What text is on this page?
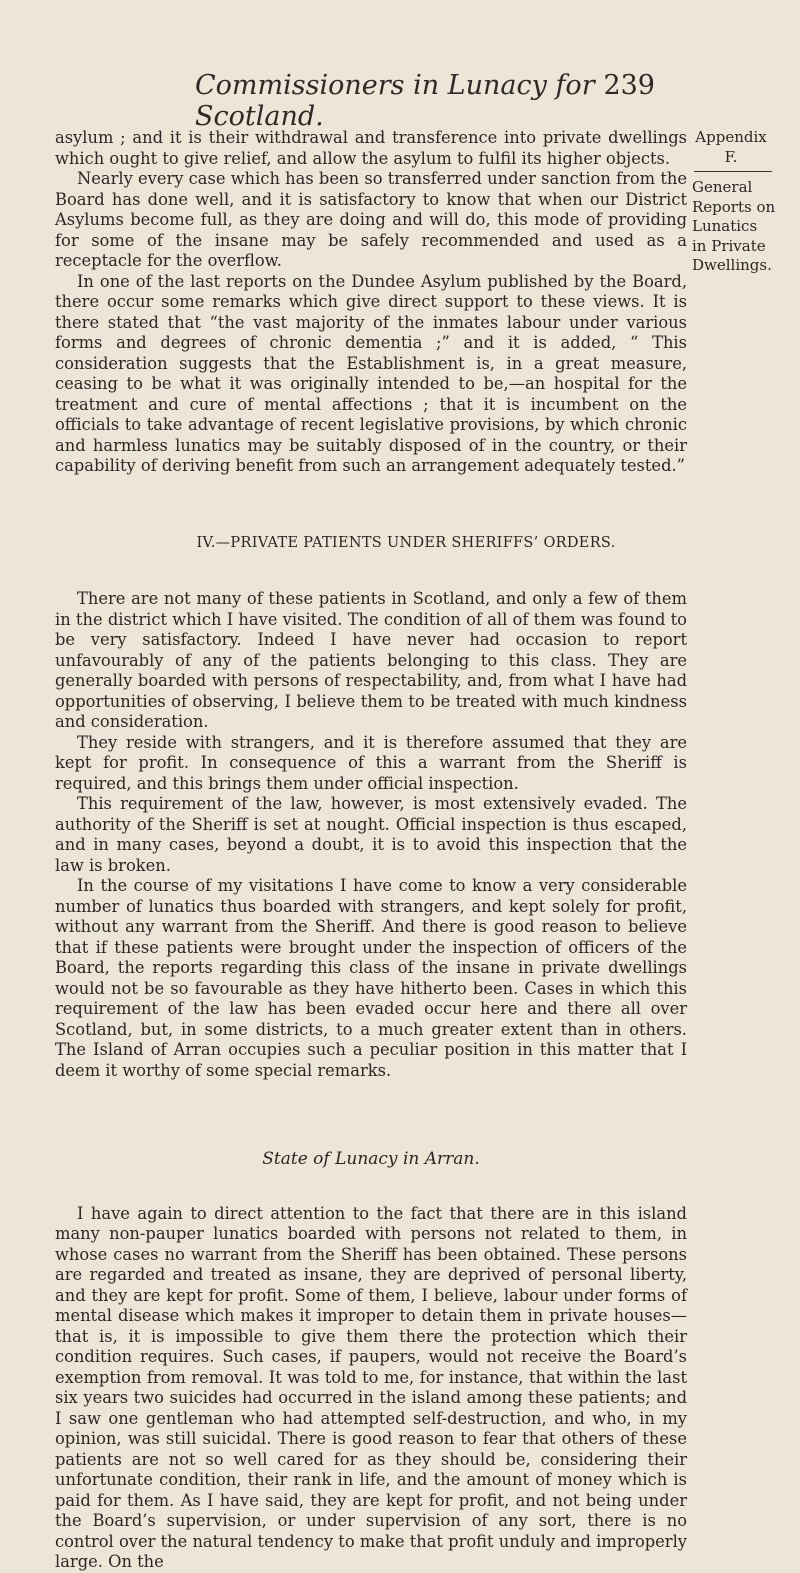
Commissioners in Lunacy for Scotland.
239
Appendix
F.
General
Reports on
Lunatics
in Private
Dwellings.

asylum ; and it is their withdrawal and transference into private dwellings which ought to give relief, and allow the asylum to fulfil its higher objects.

Nearly every case which has been so transferred under sanction from the Board has done well, and it is satisfactory to know that when our District Asylums become full, as they are doing and will do, this mode of providing for some of the insane may be safely recommended and used as a receptacle for the overflow.

In one of the last reports on the Dundee Asylum published by the Board, there occur some remarks which give direct support to these views. It is there stated that “the vast majority of the inmates labour under various forms and degrees of chronic dementia ;” and it is added, “ This consideration suggests that the Establishment is, in a great measure, ceasing to be what it was originally intended to be,—an hospital for the treatment and cure of mental affections ; that it is incumbent on the officials to take advantage of recent legislative provisions, by which chronic and harmless lunatics may be suitably disposed of in the country, or their capability of deriving benefit from such an arrangement adequately tested.”

IV.—PRIVATE PATIENTS UNDER SHERIFFS’ ORDERS.

There are not many of these patients in Scotland, and only a few of them in the district which I have visited. The condition of all of them was found to be very satisfactory. Indeed I have never had occasion to report unfavourably of any of the patients belonging to this class. They are generally boarded with persons of respectability, and, from what I have had opportunities of observing, I believe them to be treated with much kindness and consideration.

They reside with strangers, and it is therefore assumed that they are kept for profit. In consequence of this a warrant from the Sheriff is required, and this brings them under official inspection.

This requirement of the law, however, is most extensively evaded. The authority of the Sheriff is set at nought. Official inspection is thus escaped, and in many cases, beyond a doubt, it is to avoid this inspection that the law is broken.

In the course of my visitations I have come to know a very considerable number of lunatics thus boarded with strangers, and kept solely for profit, without any warrant from the Sheriff. And there is good reason to believe that if these patients were brought under the inspection of officers of the Board, the reports regarding this class of the insane in private dwellings would not be so favourable as they have hitherto been. Cases in which this requirement of the law has been evaded occur here and there all over Scotland, but, in some districts, to a much greater extent than in others. The Island of Arran occupies such a peculiar position in this matter that I deem it worthy of some special remarks.

State of Lunacy in Arran.

I have again to direct attention to the fact that there are in this island many non-pauper lunatics boarded with persons not related to them, in whose cases no warrant from the Sheriff has been obtained. These persons are regarded and treated as insane, they are deprived of personal liberty, and they are kept for profit. Some of them, I believe, labour under forms of mental disease which makes it improper to detain them in private houses—that is, it is impossible to give them there the protection which their condition requires. Such cases, if paupers, would not receive the Board’s exemption from removal. It was told to me, for instance, that within the last six years two suicides had occurred in the island among these patients; and I saw one gentleman who had attempted self-destruction, and who, in my opinion, was still suicidal. There is good reason to fear that others of these patients are not so well cared for as they should be, considering their unfortunate condition, their rank in life, and the amount of money which is paid for them. As I have said, they are kept for profit, and not being under the Board’s supervision, or under supervision of any sort, there is no control over the natural tendency to make that profit unduly and improperly large. On the
